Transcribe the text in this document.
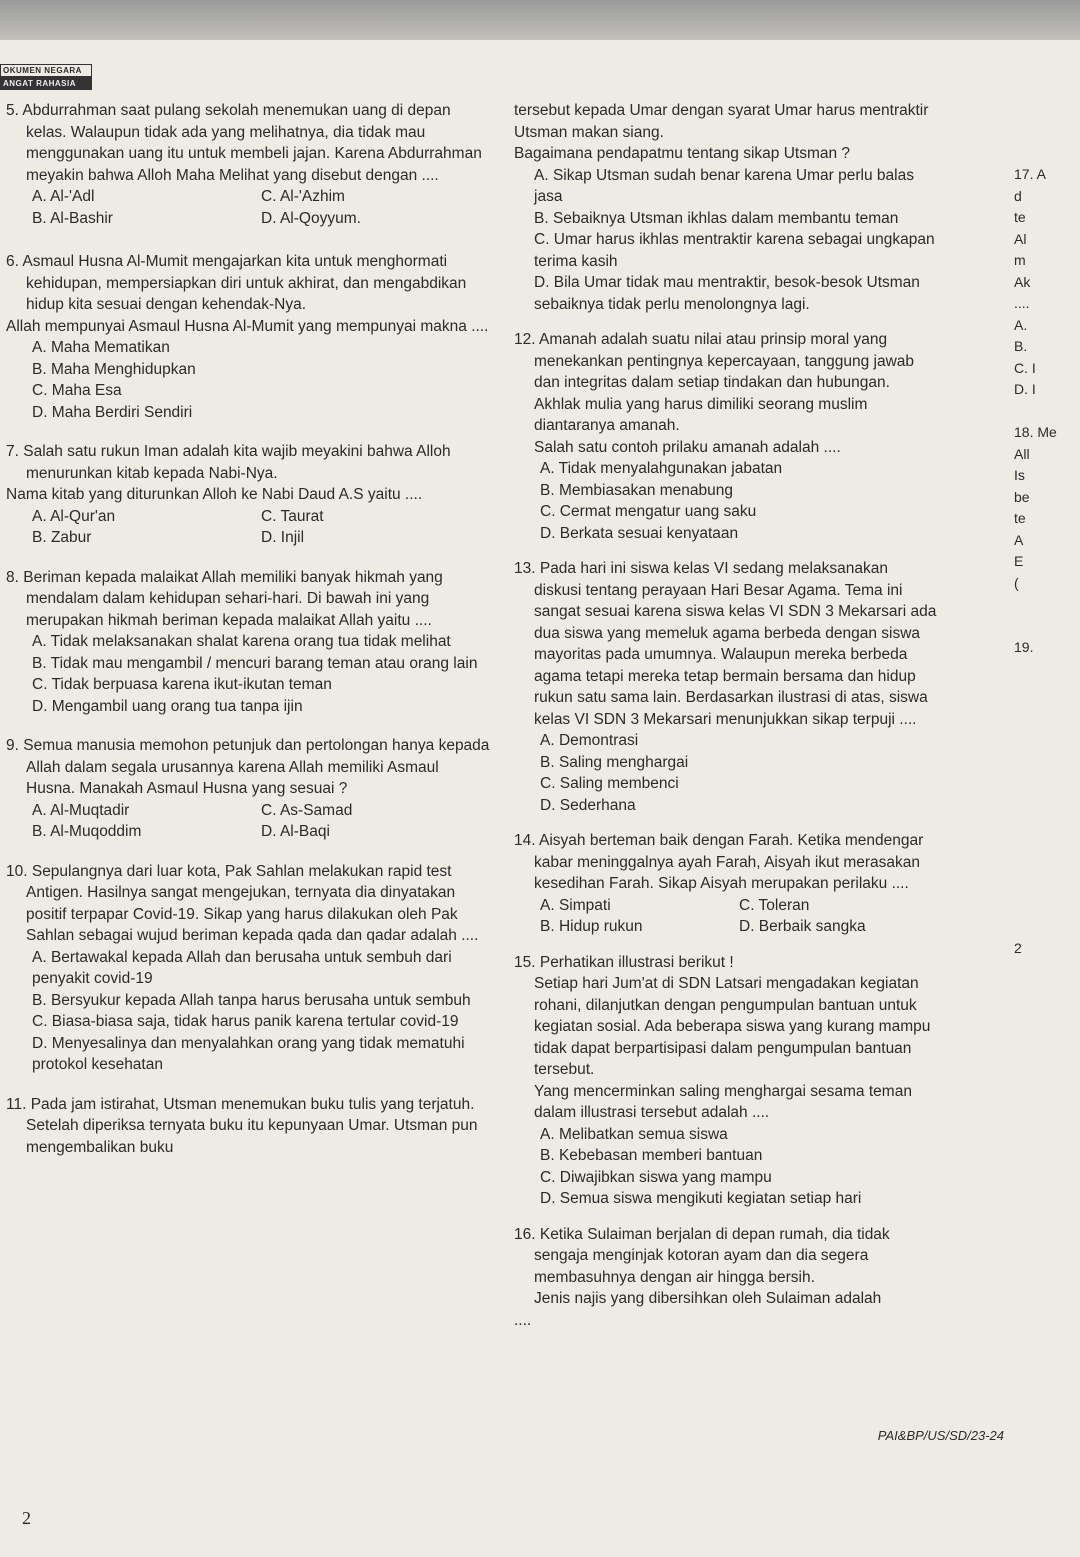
OKUMEN NEGARA
ANGAT RAHASIA

5. Abdurrahman saat pulang sekolah menemukan uang di depan kelas. Walaupun tidak ada yang melihatnya, dia tidak mau menggunakan uang itu untuk membeli jajan. Karena Abdurrahman meyakin bahwa Alloh Maha Melihat yang disebut dengan ....

A. Al-'Adl	C. Al-'Azhim
B. Al-Bashir	D. Al-Qoyyum.

6. Asmaul Husna Al-Mumit mengajarkan kita untuk menghormati kehidupan, mempersiapkan diri untuk akhirat, dan mengabdikan hidup kita sesuai dengan kehendak-Nya.

Allah mempunyai Asmaul Husna Al-Mumit yang mempunyai makna ....

A. Maha Mematikan
B. Maha Menghidupkan
C. Maha Esa
D. Maha Berdiri Sendiri

7. Salah satu rukun Iman adalah kita wajib meyakini bahwa Alloh menurunkan kitab kepada Nabi-Nya.

Nama kitab yang diturunkan Alloh ke Nabi Daud A.S yaitu ....

A. Al-Qur'an	C. Taurat
B. Zabur	D. Injil

8. Beriman kepada malaikat Allah memiliki banyak hikmah yang mendalam dalam kehidupan sehari-hari. Di bawah ini yang merupakan hikmah beriman kepada malaikat Allah yaitu ....

A. Tidak melaksanakan shalat karena orang tua tidak melihat
B. Tidak mau mengambil / mencuri barang teman atau orang lain
C. Tidak berpuasa karena ikut-ikutan teman
D. Mengambil uang orang tua tanpa ijin

9. Semua manusia memohon petunjuk dan pertolongan hanya kepada Allah dalam segala urusannya karena Allah memiliki Asmaul Husna. Manakah Asmaul Husna yang sesuai ?

A. Al-Muqtadir	C. As-Samad
B. Al-Muqoddim	D. Al-Baqi

10. Sepulangnya dari luar kota, Pak Sahlan melakukan rapid test Antigen. Hasilnya sangat mengejukan, ternyata dia dinyatakan positif terpapar Covid-19. Sikap yang harus dilakukan oleh Pak Sahlan sebagai wujud beriman kepada qada dan qadar adalah ....

A. Bertawakal kepada Allah dan berusaha untuk sembuh dari penyakit covid-19
B. Bersyukur kepada Allah tanpa harus berusaha untuk sembuh
C. Biasa-biasa saja, tidak harus panik karena tertular covid-19
D. Menyesalinya dan menyalahkan orang yang tidak mematuhi protokol kesehatan

11. Pada jam istirahat, Utsman menemukan buku tulis yang terjatuh. Setelah diperiksa ternyata buku itu kepunyaan Umar. Utsman pun mengembalikan buku

tersebut kepada Umar dengan syarat Umar harus mentraktir Utsman makan siang.

Bagaimana pendapatmu tentang sikap Utsman ?

A. Sikap Utsman sudah benar karena Umar perlu balas jasa
B. Sebaiknya Utsman ikhlas dalam membantu teman
C. Umar harus ikhlas mentraktir karena sebagai ungkapan terima kasih
D. Bila Umar tidak mau mentraktir, besok-besok Utsman sebaiknya tidak perlu menolongnya lagi.

12. Amanah adalah suatu nilai atau prinsip moral yang menekankan pentingnya kepercayaan, tanggung jawab dan integritas dalam setiap tindakan dan hubungan. Akhlak mulia yang harus dimiliki seorang muslim diantaranya amanah.

Salah satu contoh prilaku amanah adalah ....

A. Tidak menyalahgunakan jabatan
B. Membiasakan menabung
C. Cermat mengatur uang saku
D. Berkata sesuai kenyataan

13. Pada hari ini siswa kelas VI sedang melaksanakan diskusi tentang perayaan Hari Besar Agama. Tema ini sangat sesuai karena siswa kelas VI SDN 3 Mekarsari ada dua siswa yang memeluk agama berbeda dengan siswa mayoritas pada umumnya. Walaupun mereka berbeda agama tetapi mereka tetap bermain bersama dan hidup rukun satu sama lain. Berdasarkan ilustrasi di atas, siswa kelas VI SDN 3 Mekarsari menunjukkan sikap terpuji ....

A. Demontrasi
B. Saling menghargai
C. Saling membenci
D. Sederhana

14. Aisyah berteman baik dengan Farah. Ketika mendengar kabar meninggalnya ayah Farah, Aisyah ikut merasakan kesedihan Farah. Sikap Aisyah merupakan perilaku ....

A. Simpati	C. Toleran
B. Hidup rukun	D. Berbaik sangka

15. Perhatikan illustrasi berikut !

Setiap hari Jum'at di SDN Latsari mengadakan kegiatan rohani, dilanjutkan dengan pengumpulan bantuan untuk kegiatan sosial. Ada beberapa siswa yang kurang mampu tidak dapat berpartisipasi dalam pengumpulan bantuan tersebut.

Yang mencerminkan saling menghargai sesama teman dalam illustrasi tersebut adalah ....

A. Melibatkan semua siswa
B. Kebebasan memberi bantuan
C. Diwajibkan siswa yang mampu
D. Semua siswa mengikuti kegiatan setiap hari

16. Ketika Sulaiman berjalan di depan rumah, dia tidak sengaja menginjak kotoran ayam dan dia segera membasuhnya dengan air hingga bersih.

Jenis najis yang dibersihkan oleh Sulaiman adalah

....

17. A
d
te
Al
m
Ak
....
A.
B.
C. I
D. I
18. Me
All
Is
be
te
A
E
(
19.
2
PAI&BP/US/SD/23-24
2
